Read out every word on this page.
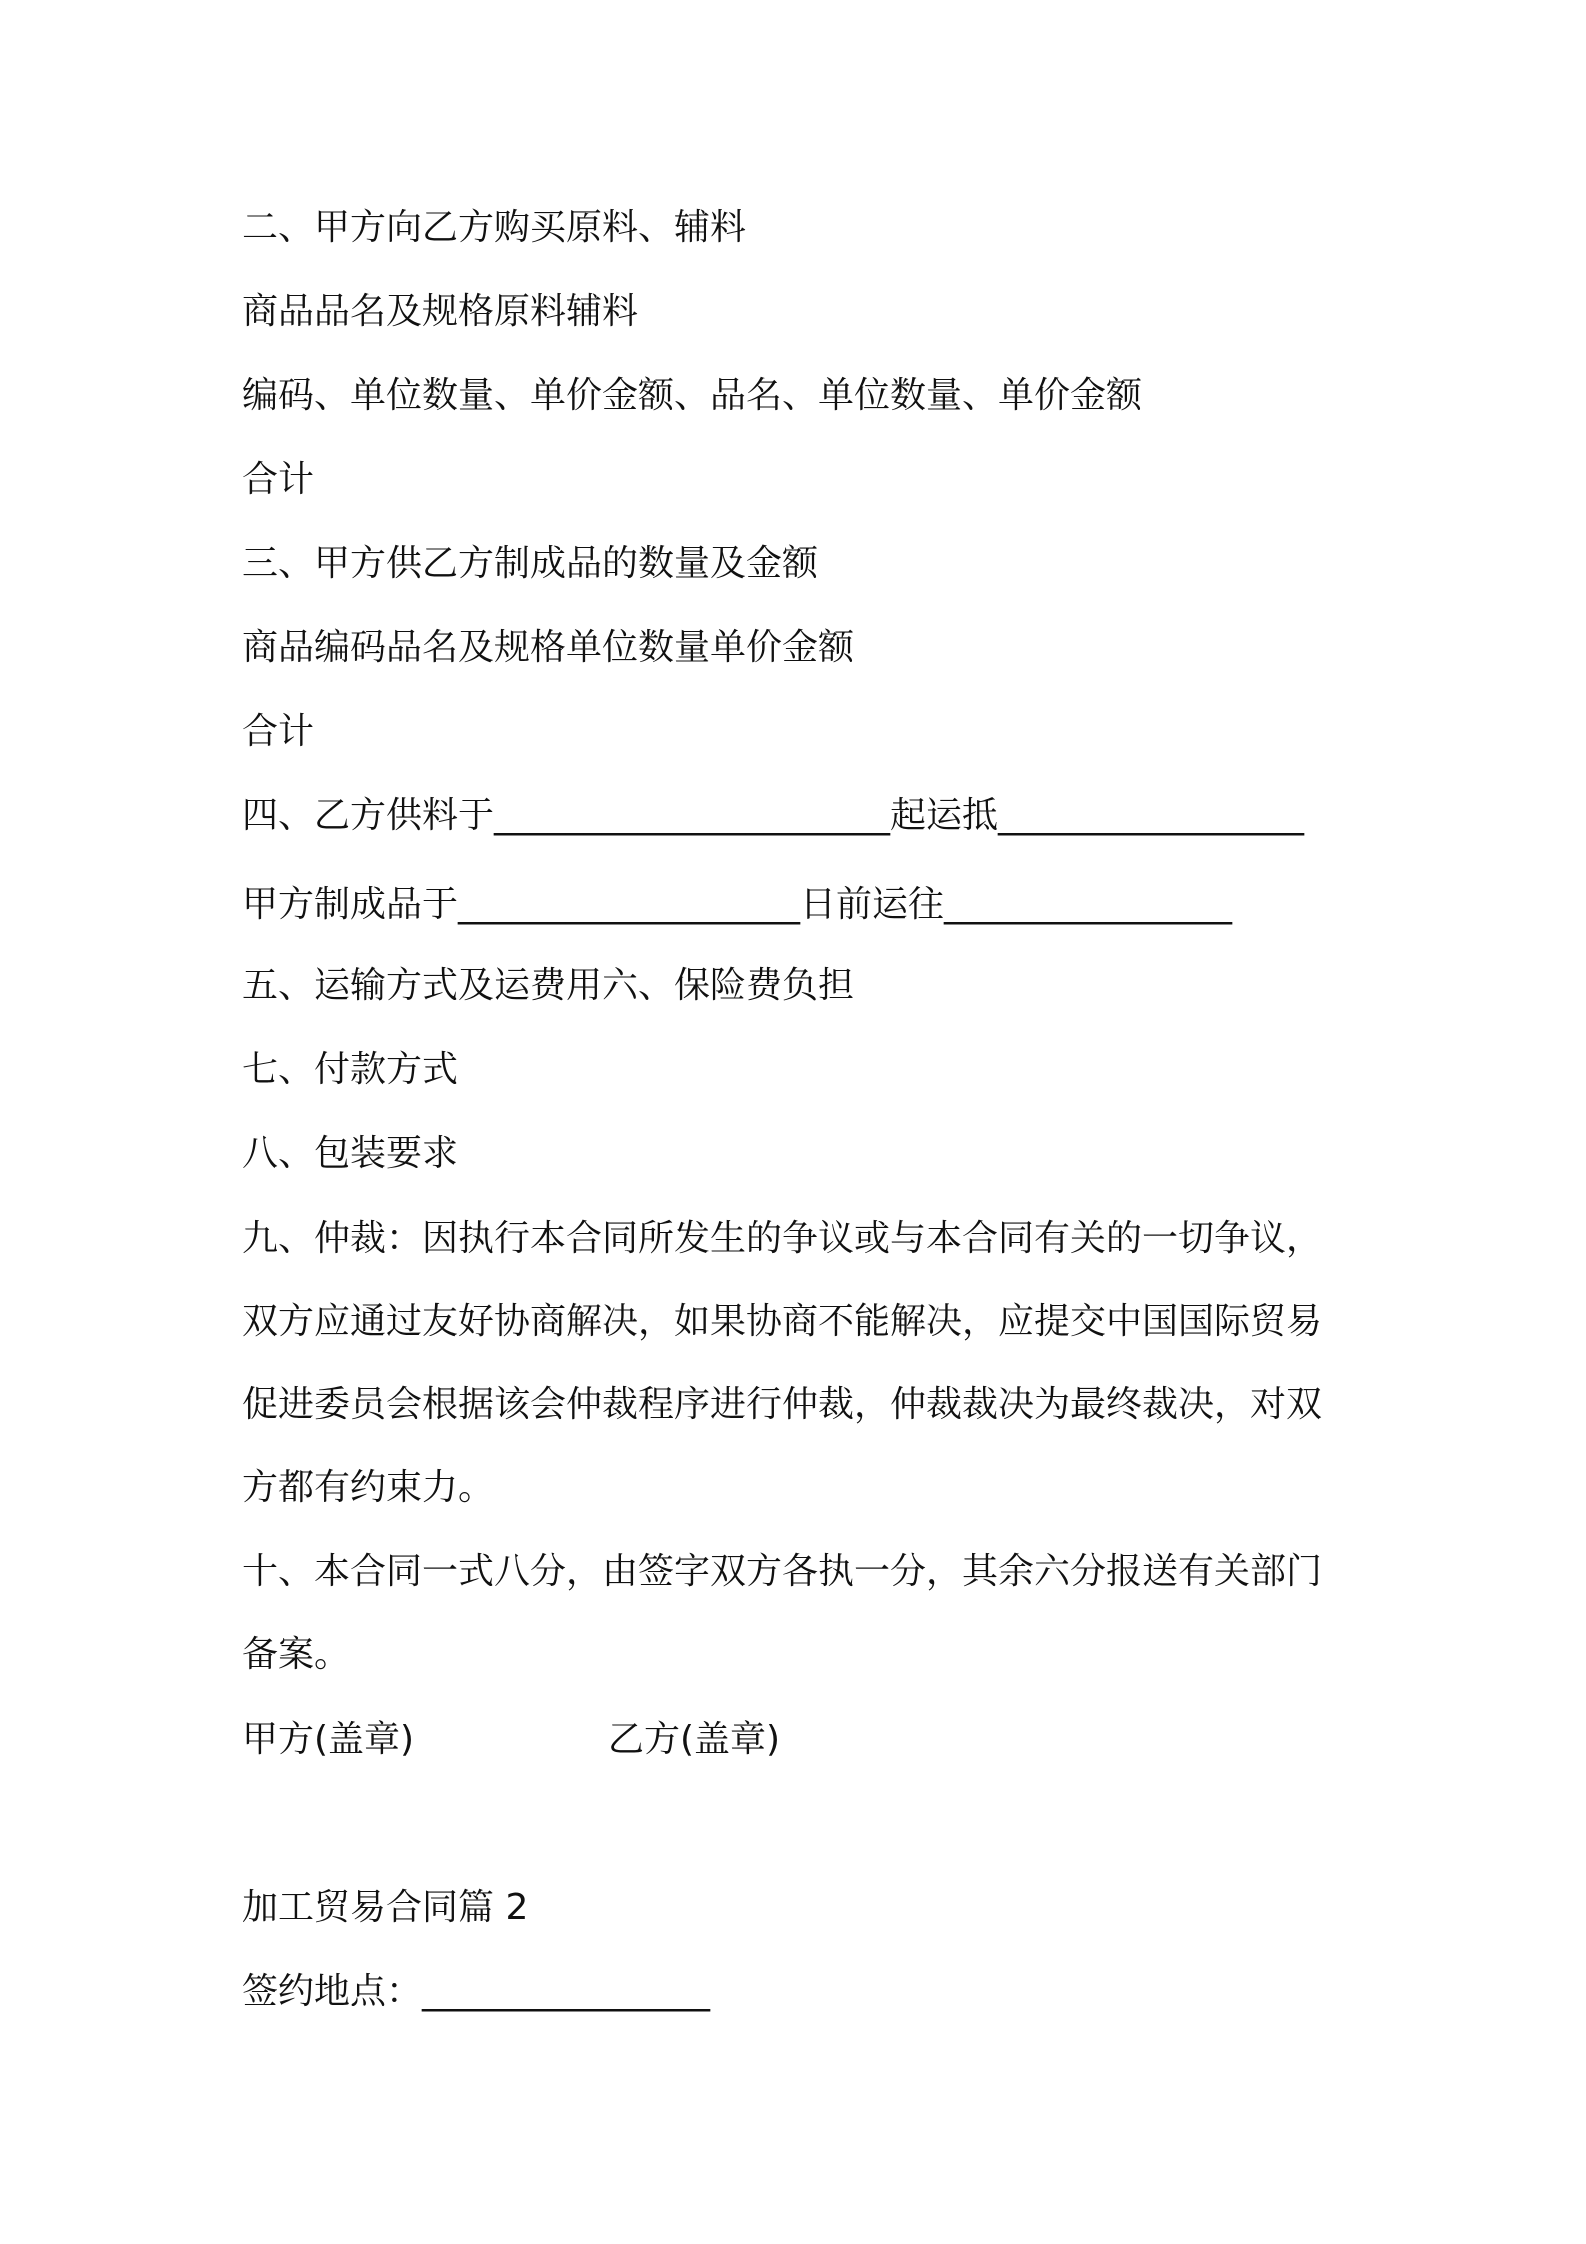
二、甲方向乙方购买原料、辅料
商品品名及规格原料辅料
编码、单位数量、单价金额、品名、单位数量、单价金额
合计
三、甲方供乙方制成品的数量及金额
商品编码品名及规格单位数量单价金额
合计
四、乙方供料于______________________起运抵_________________
甲方制成品于___________________日前运往________________
五、运输方式及运费用六、保险费负担
七、付款方式
八、包装要求
九、仲裁：因执行本合同所发生的争议或与本合同有关的一切争议，双方应通过友好协商解决，如果协商不能解决，应提交中国国际贸易促进委员会根据该会仲裁程序进行仲裁，仲裁裁决为最终裁决，对双方都有约束力。
十、本合同一式八分，由签字双方各执一分，其余六分报送有关部门备案。
甲方(盖章)	乙方(盖章)
加工贸易合同篇 2
签约地点：________________
